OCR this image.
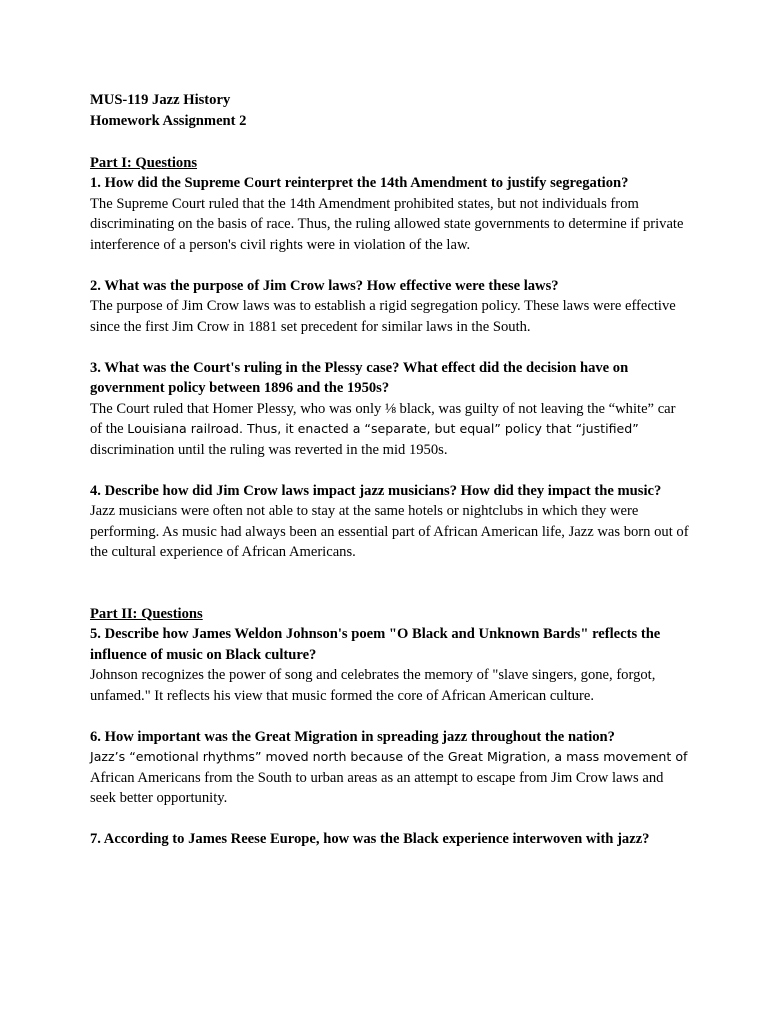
MUS-119 Jazz History

Homework Assignment 2

Part I: Questions

1. How did the Supreme Court reinterpret the 14th Amendment to justify segregation?

The Supreme Court ruled that the 14th Amendment prohibited states, but not individuals from discriminating on the basis of race. Thus, the ruling allowed state governments to determine if private interference of a person's civil rights were in violation of the law.

2. What was the purpose of Jim Crow laws? How effective were these laws?

The purpose of Jim Crow laws was to establish a rigid segregation policy. These laws were effective since the first Jim Crow in 1881 set precedent for similar laws in the South.

3. What was the Court's ruling in the Plessy case? What effect did the decision have on government policy between 1896 and the 1950s?

The Court ruled that Homer Plessy, who was only ⅛ black, was guilty of not leaving the “white” car of the Louisiana railroad. Thus, it enacted a “separate, but equal” policy that “justified” discrimination until the ruling was reverted in the mid 1950s.

4. Describe how did Jim Crow laws impact jazz musicians? How did they impact the music?

Jazz musicians were often not able to stay at the same hotels or nightclubs in which they were performing. As music had always been an essential part of African American life, Jazz was born out of the cultural experience of African Americans.

Part II: Questions

5. Describe how James Weldon Johnson's poem "O Black and Unknown Bards" reflects the influence of music on Black culture?

Johnson recognizes the power of song and celebrates the memory of "slave singers, gone, forgot, unfamed." It reflects his view that music formed the core of African American culture.

6. How important was the Great Migration in spreading jazz throughout the nation?

Jazz’s “emotional rhythms” moved north because of the Great Migration, a mass movement of African Americans from the South to urban areas as an attempt to escape from Jim Crow laws and seek better opportunity.

7. According to James Reese Europe, how was the Black experience interwoven with jazz?
